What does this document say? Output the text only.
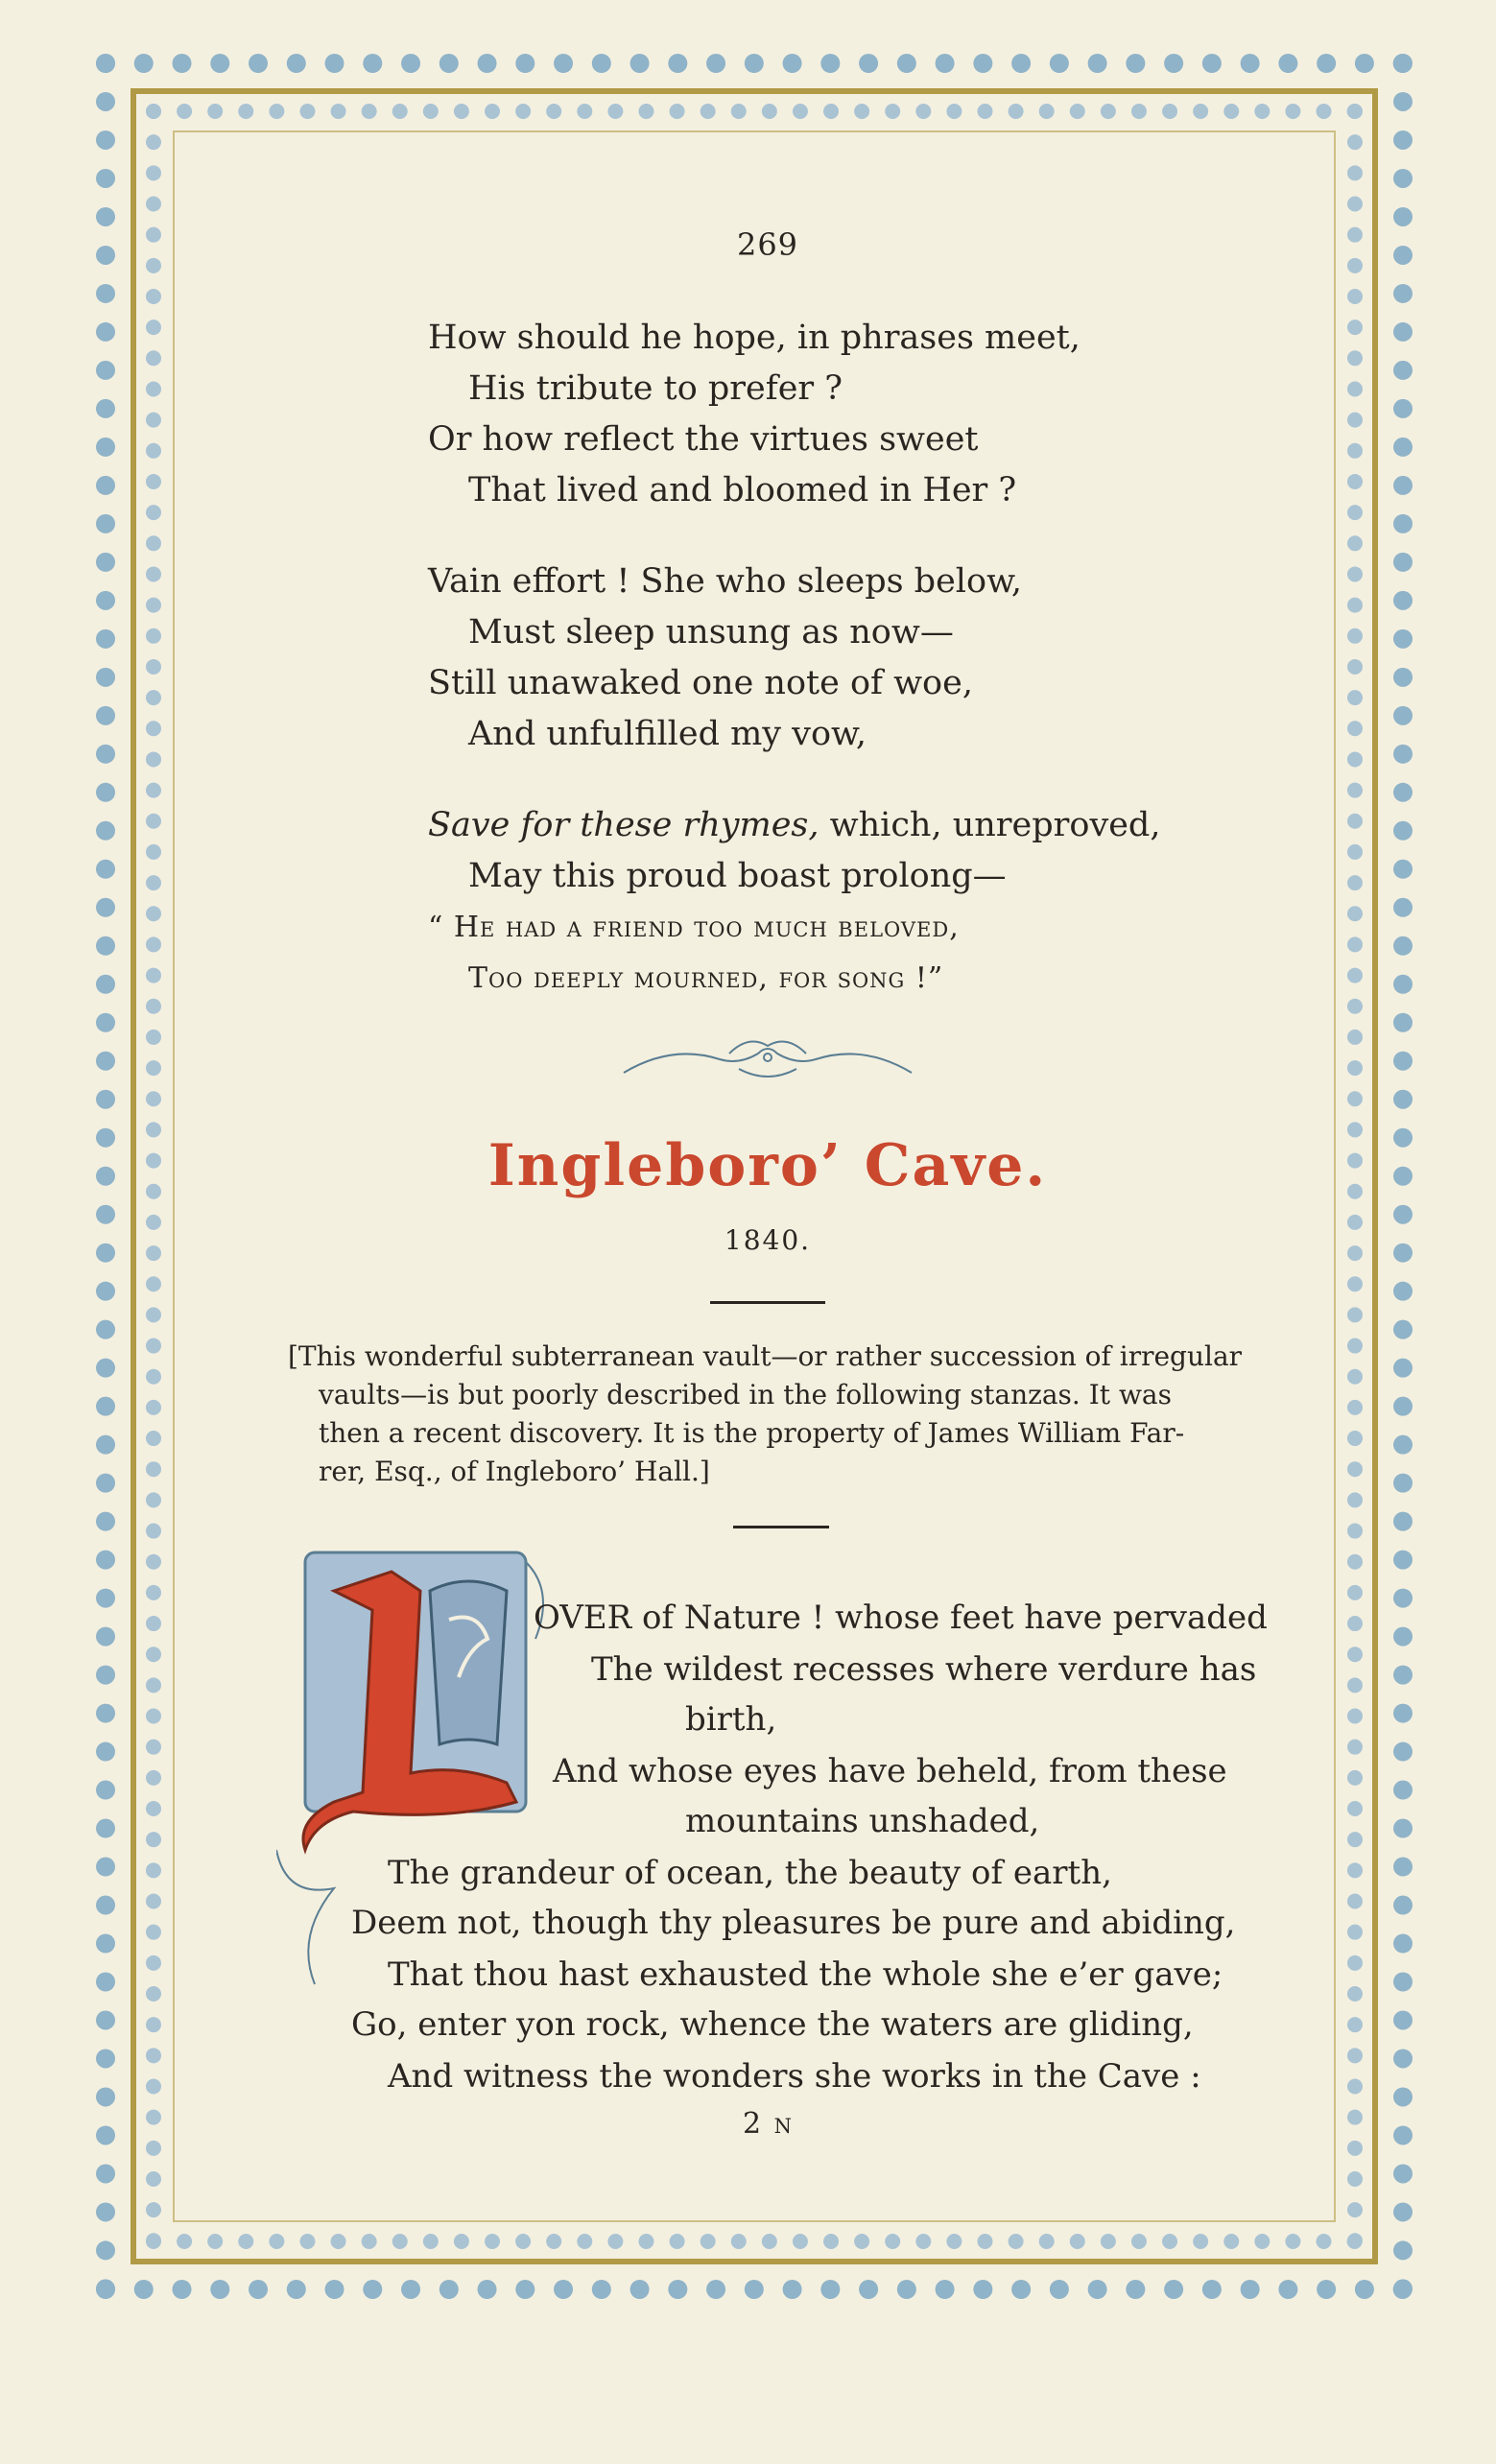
269
How should he hope, in phrases meet,
His tribute to prefer ?
Or how reflect the virtues sweet
That lived and bloomed in Her ?
Vain effort ! She who sleeps below,
Must sleep unsung as now—
Still unawaked one note of woe,
And unfulfilled my vow,
Save for these rhymes, which, unreproved,
May this proud boast prolong—
“ He had a friend too much beloved,
Too deeply mourned, for song !”
Ingleboro’ Cave.
1840.
[This wonderful subterranean vault—or rather succession of irregular
vaults—is but poorly described in the following stanzas. It was
then a recent discovery. It is the property of James William Far-
rer, Esq., of Ingleboro’ Hall.]
OVER of Nature ! whose feet have pervaded
The wildest recesses where verdure has
birth,
And whose eyes have beheld, from these
mountains unshaded,
The grandeur of ocean, the beauty of earth,
Deem not, though thy pleasures be pure and abiding,
That thou hast exhausted the whole she e’er gave;
Go, enter yon rock, whence the waters are gliding,
And witness the wonders she works in the Cave :
2 n
